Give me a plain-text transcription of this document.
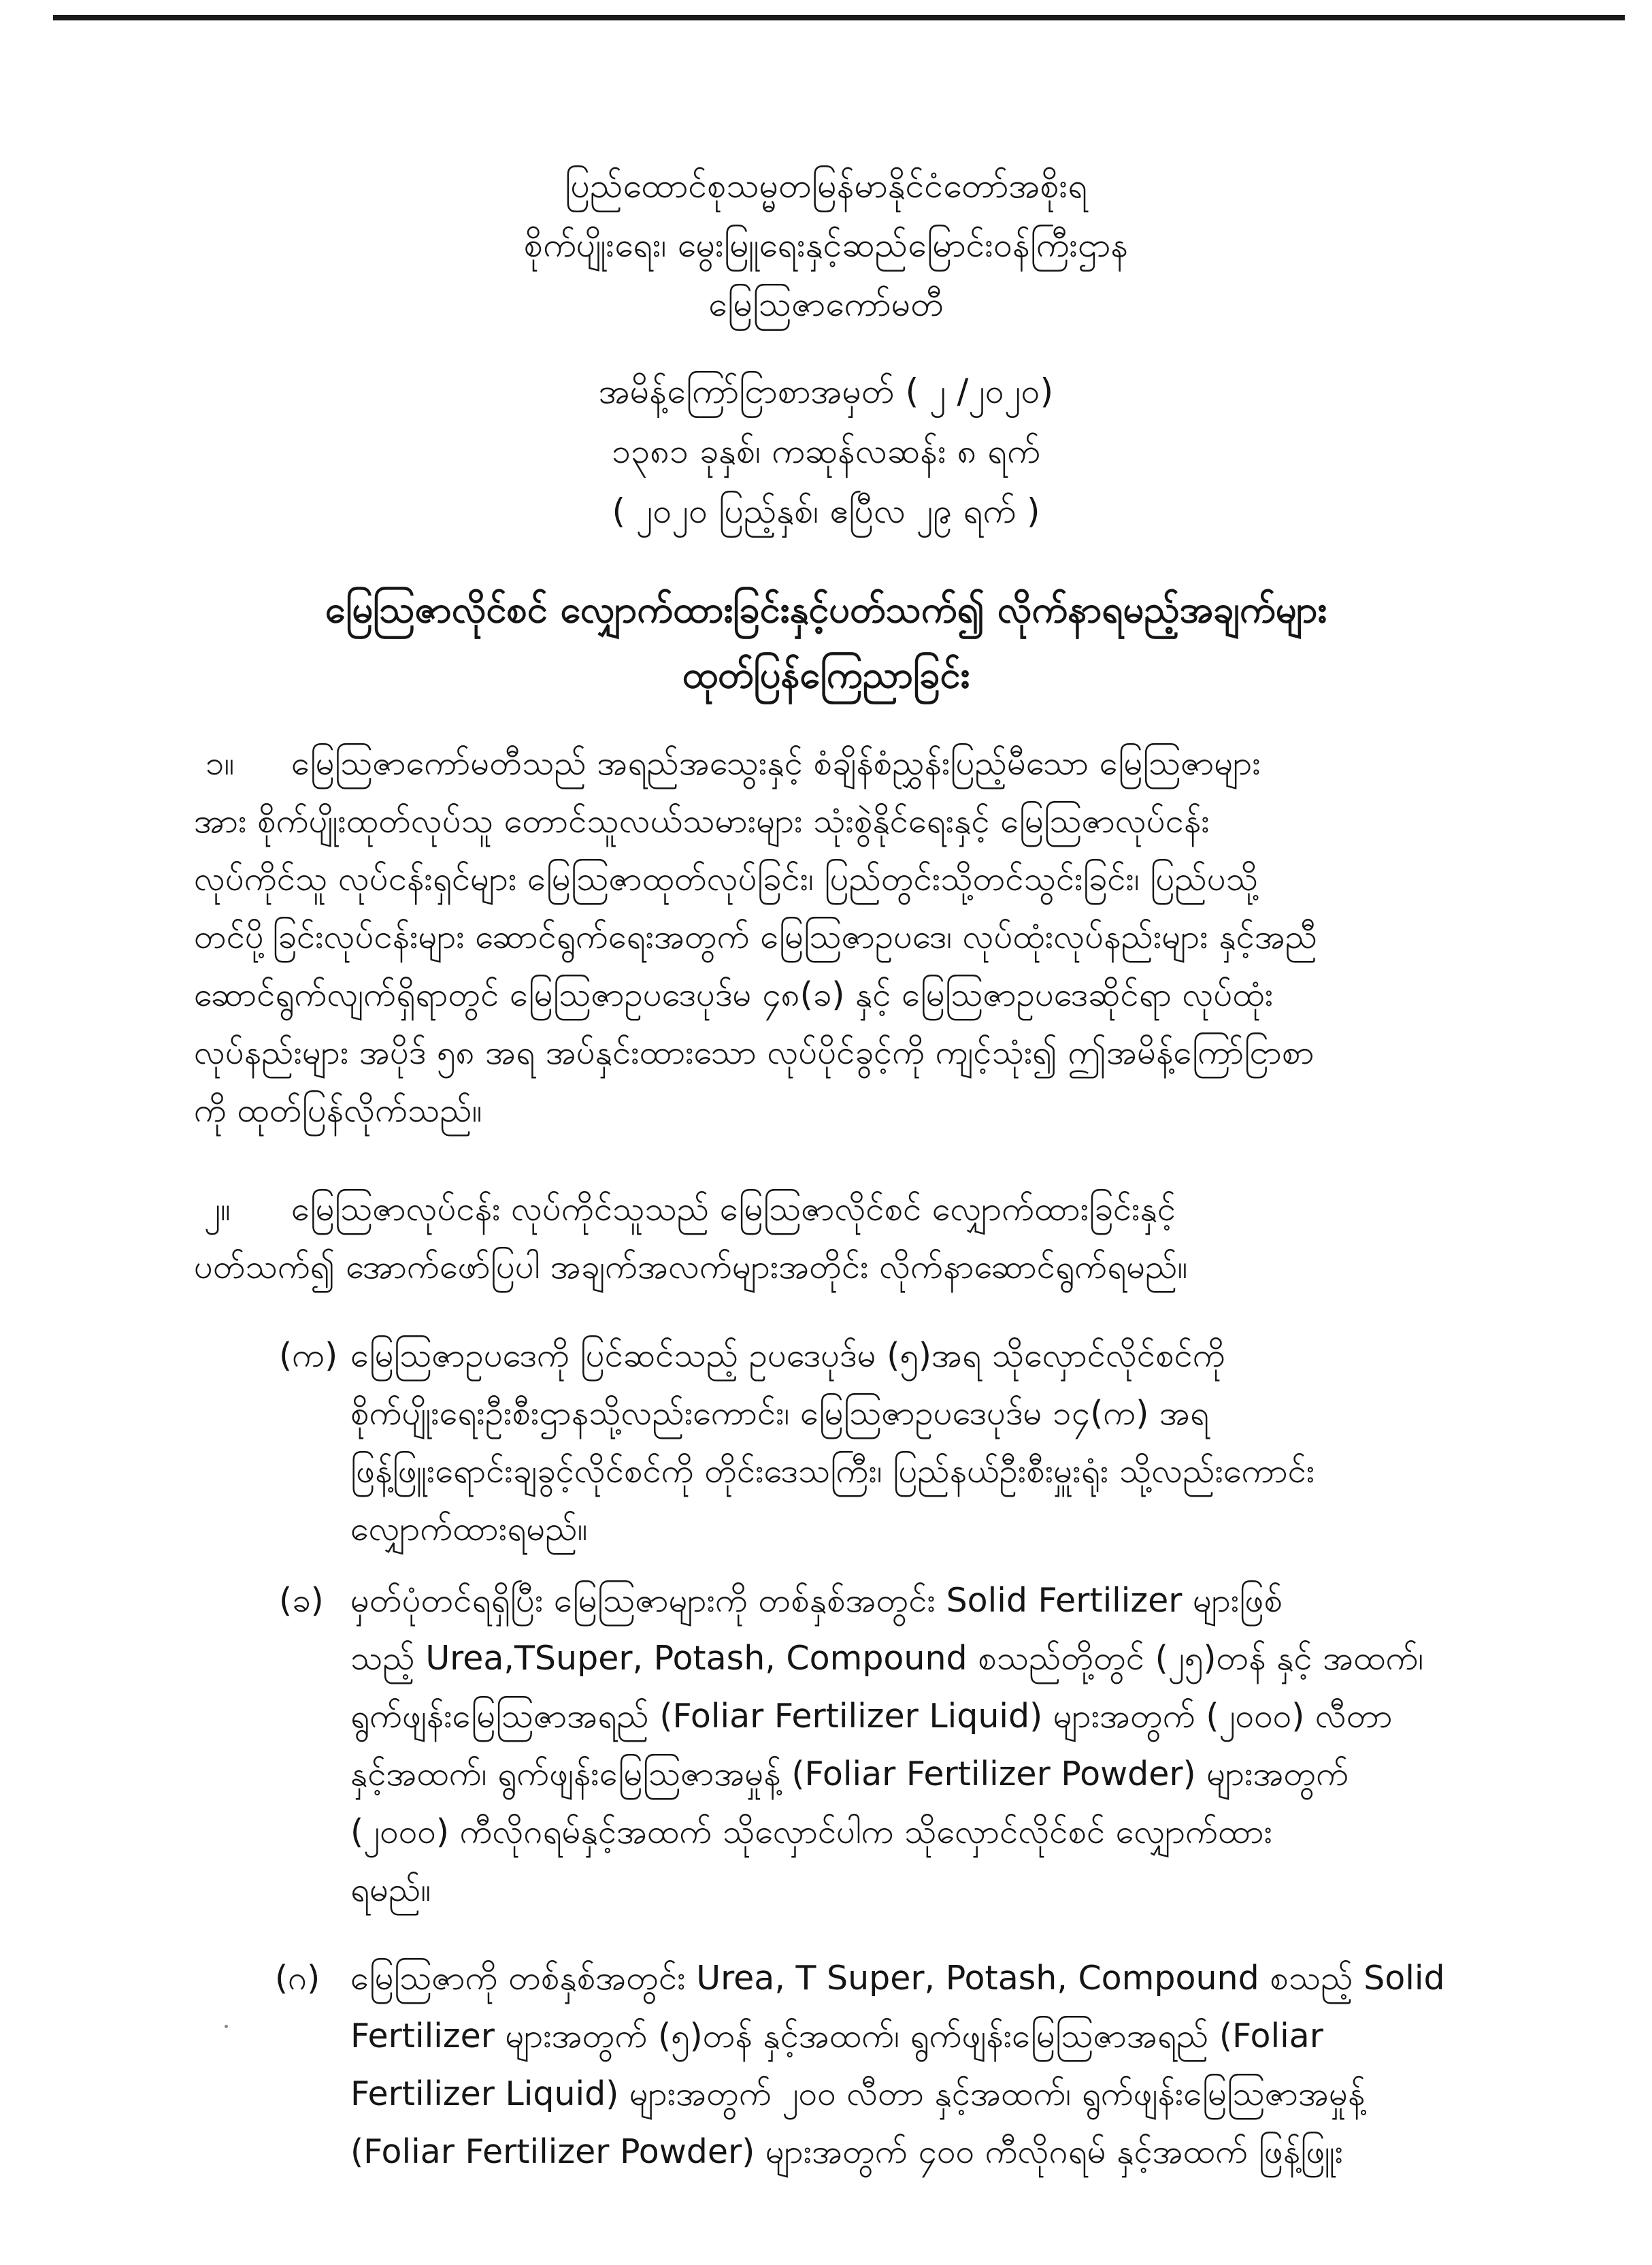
ပြည်ထောင်စုသမ္မတမြန်မာနိုင်ငံတော်အစိုးရ
စိုက်ပျိုးရေး၊ မွေးမြူရေးနှင့်ဆည်မြောင်းဝန်ကြီးဌာန
မြေသြဇာကော်မတီ
အမိန့်ကြော်ငြာစာအမှတ် ( ၂ /၂၀၂၀)
၁၃၈၁ ခုနှစ်၊ ကဆုန်လဆန်း ၈ ရက်
( ၂၀၂၀ ပြည့်နှစ်၊ ဧပြီလ ၂၉ ရက် )
မြေသြဇာလိုင်စင် လျှောက်ထားခြင်းနှင့်ပတ်သက်၍ လိုက်နာရမည့်အချက်များ
ထုတ်ပြန်ကြေညာခြင်း
၁။ မြေသြဇာကော်မတီသည် အရည်အသွေးနှင့် စံချိန်စံညွှန်းပြည့်မီသော မြေသြဇာများ
အား စိုက်ပျိုးထုတ်လုပ်သူ တောင်သူလယ်သမားများ သုံးစွဲနိုင်ရေးနှင့် မြေသြဇာလုပ်ငန်း
လုပ်ကိုင်သူ လုပ်ငန်းရှင်များ မြေသြဇာထုတ်လုပ်ခြင်း၊ ပြည်တွင်းသို့တင်သွင်းခြင်း၊ ပြည်ပသို့
တင်ပို့ခြင်းလုပ်ငန်းများ ဆောင်ရွက်ရေးအတွက် မြေသြဇာဥပဒေ၊ လုပ်ထုံးလုပ်နည်းများ နှင့်အညီ
ဆောင်ရွက်လျက်ရှိရာတွင် မြေသြဇာဥပဒေပုဒ်မ ၄၈(ခ) နှင့် မြေသြဇာဥပဒေဆိုင်ရာ လုပ်ထုံး
လုပ်နည်းများ အပိုဒ် ၅၈ အရ အပ်နှင်းထားသော လုပ်ပိုင်ခွင့်ကို ကျင့်သုံး၍ ဤအမိန့်ကြော်ငြာစာ
ကို ထုတ်ပြန်လိုက်သည်။
၂။ မြေသြဇာလုပ်ငန်း လုပ်ကိုင်သူသည် မြေသြဇာလိုင်စင် လျှောက်ထားခြင်းနှင့်
ပတ်သက်၍ အောက်ဖော်ပြပါ အချက်အလက်များအတိုင်း လိုက်နာဆောင်ရွက်ရမည်။
(က) မြေသြဇာဥပဒေကို ပြင်ဆင်သည့် ဥပဒေပုဒ်မ (၅)အရ သိုလှောင်လိုင်စင်ကို
စိုက်ပျိုးရေးဦးစီးဌာနသို့လည်းကောင်း၊ မြေသြဇာဥပဒေပုဒ်မ ၁၄(က) အရ
ဖြန့်ဖြူးရောင်းချခွင့်လိုင်စင်ကို တိုင်းဒေသကြီး၊ ပြည်နယ်ဦးစီးမှူးရုံး သို့လည်းကောင်း
လျှောက်ထားရမည်။
(ခ) မှတ်ပုံတင်ရရှိပြီး မြေသြဇာများကို တစ်နှစ်အတွင်း Solid Fertilizer များဖြစ်
သည့် Urea,TSuper, Potash, Compound စသည်တို့တွင် (၂၅)တန် နှင့် အထက်၊
ရွက်ဖျန်းမြေသြဇာအရည် (Foliar Fertilizer Liquid) များအတွက် (၂၀၀၀) လီတာ
နှင့်အထက်၊ ရွက်ဖျန်းမြေသြဇာအမှုန့် (Foliar Fertilizer Powder) များအတွက်
(၂၀၀၀) ကီလိုဂရမ်နှင့်အထက် သိုလှောင်ပါက သိုလှောင်လိုင်စင် လျှောက်ထား
ရမည်။
(ဂ) မြေသြဇာကို တစ်နှစ်အတွင်း Urea, T Super, Potash, Compound စသည့် Solid
Fertilizer များအတွက် (၅)တန် နှင့်အထက်၊ ရွက်ဖျန်းမြေသြဇာအရည် (Foliar
Fertilizer Liquid) များအတွက် ၂၀၀ လီတာ နှင့်အထက်၊ ရွက်ဖျန်းမြေသြဇာအမှုန့်
(Foliar Fertilizer Powder) များအတွက် ၄၀၀ ကီလိုဂရမ် နှင့်အထက် ဖြန့်ဖြူး
